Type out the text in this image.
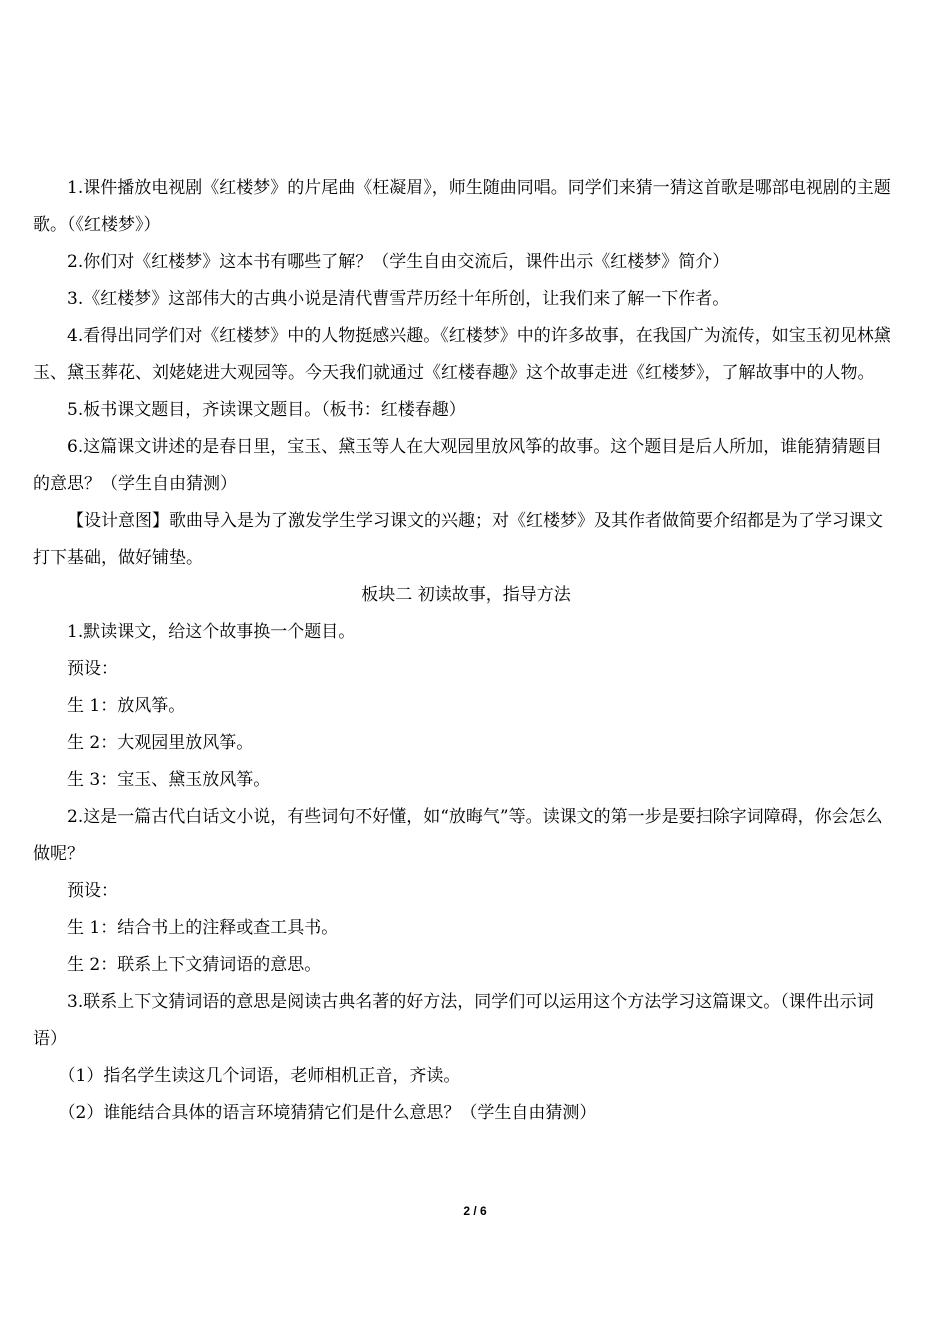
1.课件播放电视剧《红楼梦》的片尾曲《枉凝眉》，师生随曲同唱。同学们来猜一猜这首歌是哪部电视剧的主题歌。（《红楼梦》）

2.你们对《红楼梦》这本书有哪些了解？（学生自由交流后，课件出示《红楼梦》简介）

3.《红楼梦》这部伟大的古典小说是清代曹雪芹历经十年所创，让我们来了解一下作者。

4.看得出同学们对《红楼梦》中的人物挺感兴趣。《红楼梦》中的许多故事，在我国广为流传，如宝玉初见林黛玉、黛玉葬花、刘姥姥进大观园等。今天我们就通过《红楼春趣》这个故事走进《红楼梦》，了解故事中的人物。

5.板书课文题目，齐读课文题目。（板书：红楼春趣）

6.这篇课文讲述的是春日里，宝玉、黛玉等人在大观园里放风筝的故事。这个题目是后人所加，谁能猜猜题目的意思？（学生自由猜测）

【设计意图】歌曲导入是为了激发学生学习课文的兴趣；对《红楼梦》及其作者做简要介绍都是为了学习课文打下基础，做好铺垫。

板块二 初读故事，指导方法

1.默读课文，给这个故事换一个题目。

预设：

生 1：放风筝。

生 2：大观园里放风筝。

生 3：宝玉、黛玉放风筝。

2.这是一篇古代白话文小说，有些词句不好懂，如“放晦气”等。读课文的第一步是要扫除字词障碍，你会怎么做呢？

预设：

生 1：结合书上的注释或查工具书。

生 2：联系上下文猜词语的意思。

3.联系上下文猜词语的意思是阅读古典名著的好方法，同学们可以运用这个方法学习这篇课文。（课件出示词语）

（1）指名学生读这几个词语，老师相机正音，齐读。

（2）谁能结合具体的语言环境猜猜它们是什么意思？（学生自由猜测）

2 / 6
